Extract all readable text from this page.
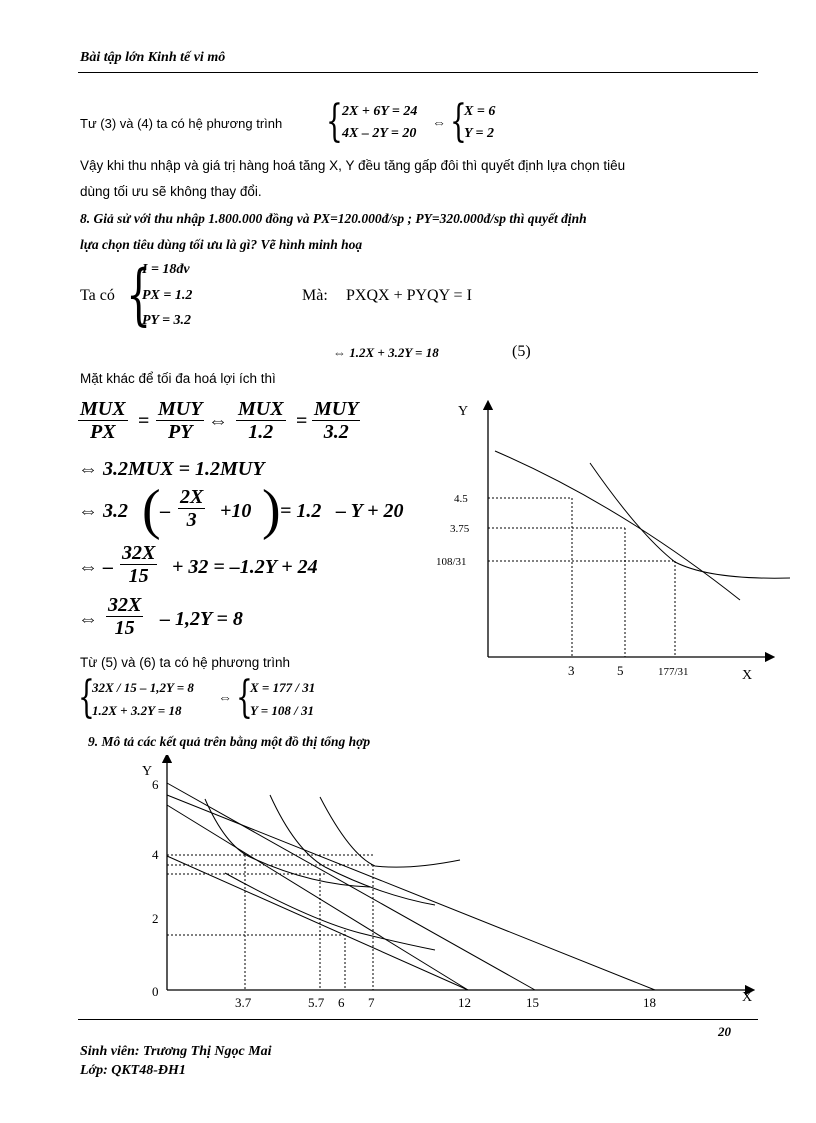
Bài tập lớn Kinh tế vi mô
Tư (3) và (4) ta có hệ phương trình { 2X + 6Y = 24
4X – 2Y = 20
⇔ {
X = 6
Y = 2
Vậy khi thu nhập và giá trị hàng hoá tăng X, Y đều tăng gấp đôi thì quyết định lựa chọn tiêu
dùng tối ưu sẽ không thay đổi.
8. Giả sử với thu nhập 1.800.000 đồng và PX=120.000đ/sp ; PY=320.000đ/sp thì quyết định
lựa chọn tiêu dùng tối ưu là gì? Vẽ hình minh hoạ
Ta có {
I = 18đv
PX = 1.2
PY = 3.2
Mà: PXQX + PYQY = I
⇔ 1.2X + 3.2Y = 18	(5)
Mặt khác để tối đa hoá lợi ích thì
MUX
PX	=
MUY
PY ⇔
MUX
1.2	=
MUY
3.2
⇔ 3.2MUX = 1.2MUY
⇔ 3.2 ( – $\frac{2X}{3} +10$ ) = 1.2 – Y + 20
⇔ – $\frac{32X}{15} + 32 = -1.2Y + 24$
⇔ $\frac{32X}{15} - 1,2Y = 8$
Từ (5) và (6) ta có hệ phương trình
{
32X / 15 – 1,2Y = 8
1.2X + 3.2Y = 18
⇔ {
X = 177 / 31
Y = 108 / 31
Y
X
4.5
3.75
108/31
3	5	177/31
9. Mô tả các kết quả trên bằng một đồ thị tổng hợp
Y
X
6
4
2
0
3.7	5.7 6 7	12	15	18
20
Sinh viên: Trương Thị Ngọc Mai
Lớp: QKT48-ĐH1
